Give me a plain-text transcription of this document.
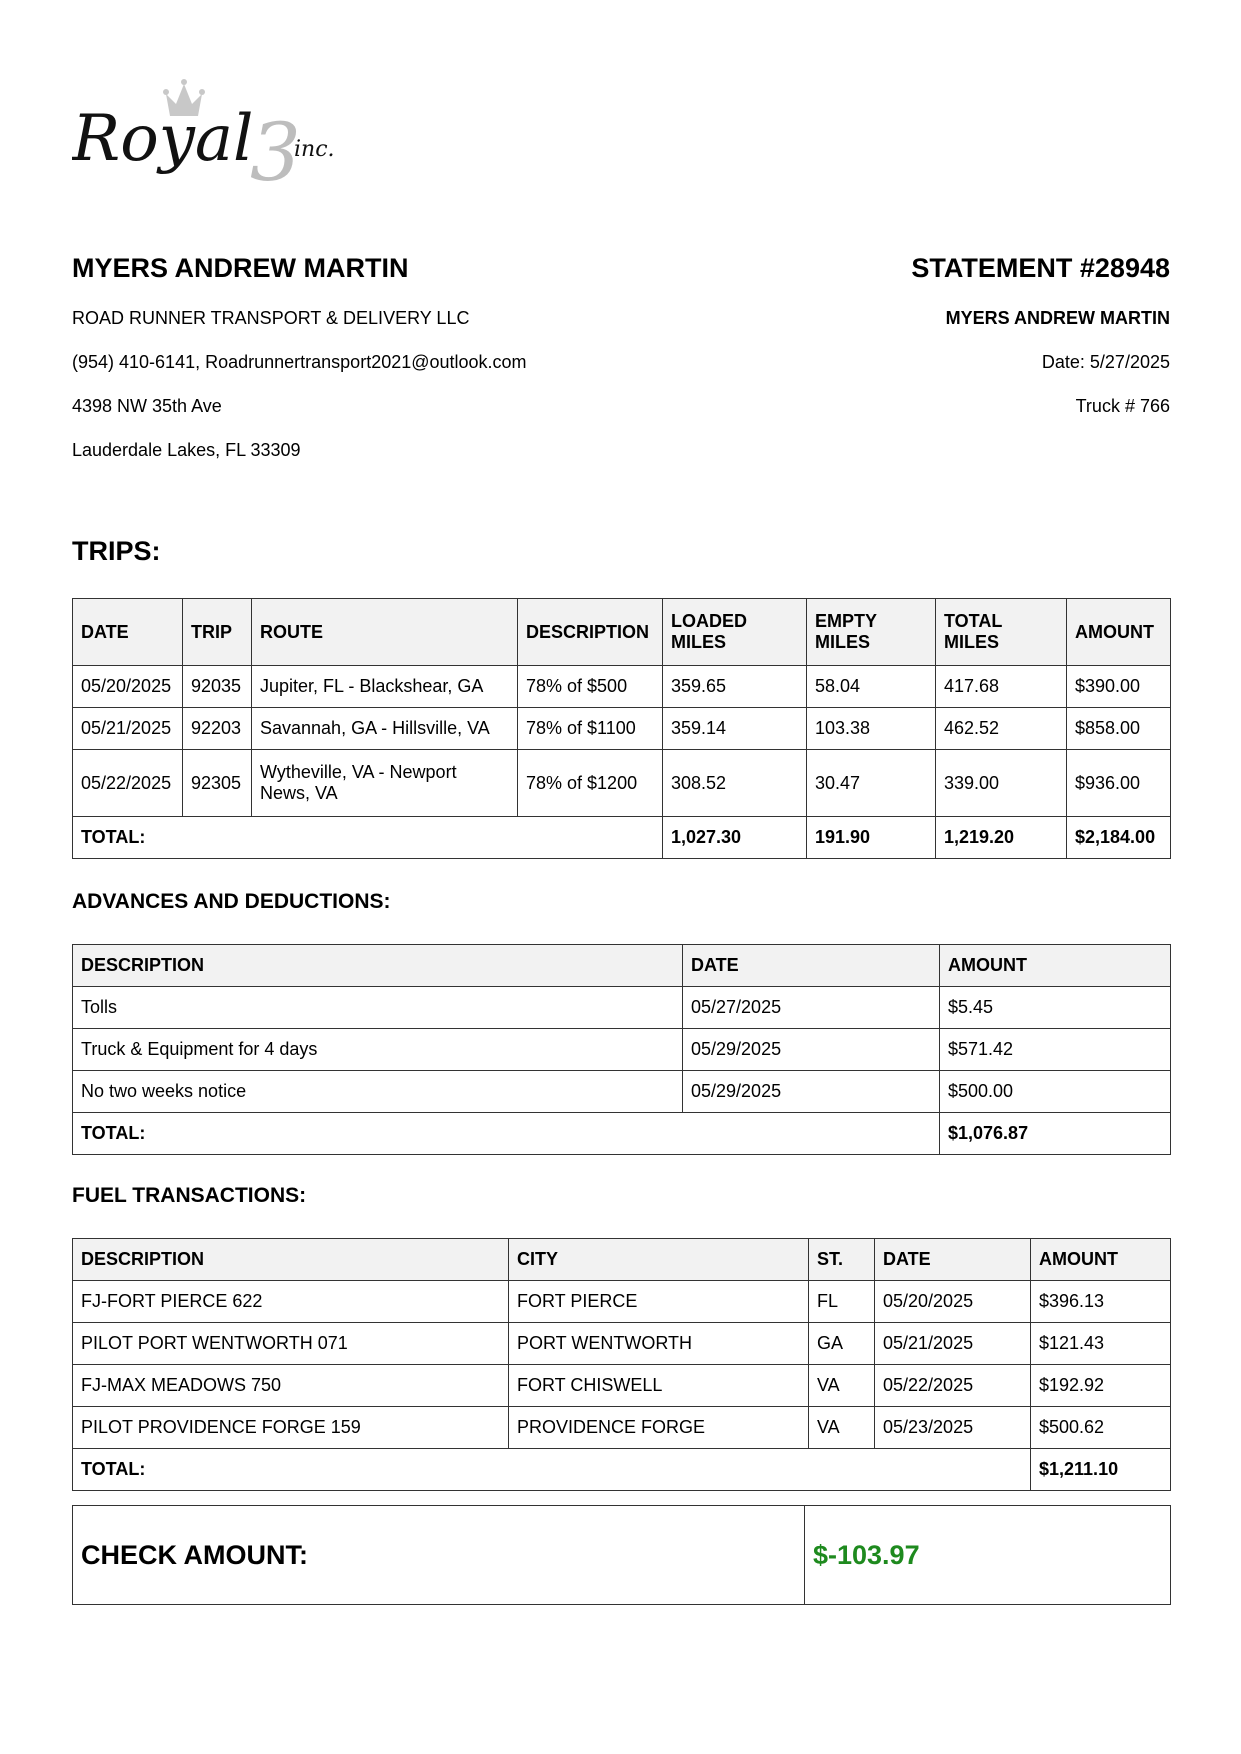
Royal
3
inc.
MYERS ANDREW MARTIN
ROAD RUNNER TRANSPORT & DELIVERY LLC
(954) 410-6141, Roadrunnertransport2021@outlook.com
4398 NW 35th Ave
Lauderdale Lakes, FL 33309
STATEMENT #28948
MYERS ANDREW MARTIN
Date: 5/27/2025
Truck # 766
TRIPS:
DATE	TRIP	ROUTE	DESCRIPTION	LOADED MILES	EMPTY MILES	TOTAL MILES	AMOUNT
05/20/2025	92035	Jupiter, FL - Blackshear, GA	78% of $500	359.65	58.04	417.68	$390.00
05/21/2025	92203	Savannah, GA - Hillsville, VA	78% of $1100	359.14	103.38	462.52	$858.00
05/22/2025	92305	Wytheville, VA - Newport News, VA	78% of $1200	308.52	30.47	339.00	$936.00
TOTAL:				1,027.30	191.90	1,219.20	$2,184.00
ADVANCES AND DEDUCTIONS:
DESCRIPTION	DATE	AMOUNT
Tolls	05/27/2025	$5.45
Truck & Equipment for 4 days	05/29/2025	$571.42
No two weeks notice	05/29/2025	$500.00
TOTAL:		$1,076.87
FUEL TRANSACTIONS:
DESCRIPTION	CITY	ST.	DATE	AMOUNT
FJ-FORT PIERCE 622	FORT PIERCE	FL	05/20/2025	$396.13
PILOT PORT WENTWORTH 071	PORT WENTWORTH	GA	05/21/2025	$121.43
FJ-MAX MEADOWS 750	FORT CHISWELL	VA	05/22/2025	$192.92
PILOT PROVIDENCE FORGE 159	PROVIDENCE FORGE	VA	05/23/2025	$500.62
TOTAL:				$1,211.10
CHECK AMOUNT:	$-103.97
